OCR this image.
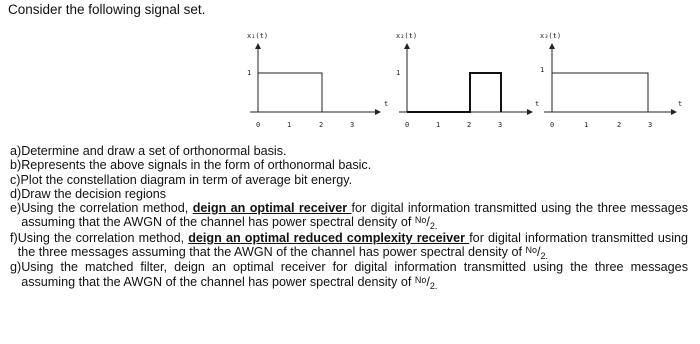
Consider the following signal set.
x₁(t)
t
1
0	1	2	3
x₂(t)
t
1
0	1	2	3
x₃(t)
t
1
0	1	2	3
a) Determine and draw a set of orthonormal basis.
b) Represents the above signals in the form of orthonormal basic.
c) Plot the constellation diagram in term of average bit energy.
d) Draw the decision regions
e) Using the correlation method, deign an optimal receiver for digital information transmitted using the three messages assuming that the AWGN of the channel has power spectral density of $^{No}/_{2.}$
f) Using the correlation method, deign an optimal reduced complexity receiver for digital information transmitted using the three messages assuming that the AWGN of the channel has power spectral density of $^{No}/_{2.}$
g) Using the matched filter, deign an optimal receiver for digital information transmitted using the three messages assuming that the AWGN of the channel has power spectral density of $^{No}/_{2.}$
